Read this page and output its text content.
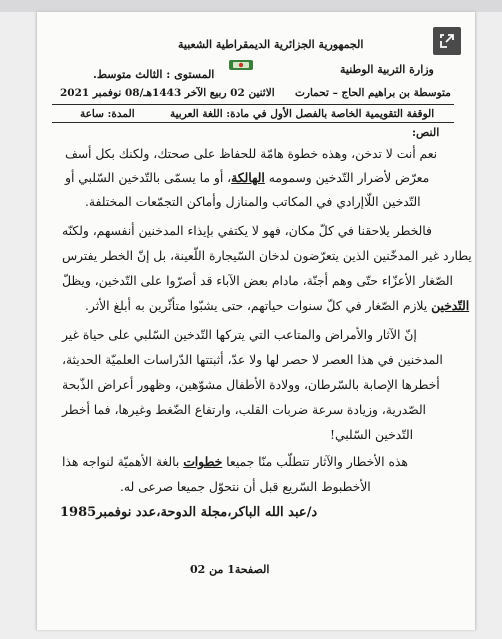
الجمهورية الجزائرية الديمقراطية الشعبية
وزارة التربية الوطنية
المستوى : الثالث متوسط.
متوسطة بن براهيم الحاج – تحمارت
الاثنين 02 ربيع الآخر 1443هـ/08 نوفمبر 2021
الوقفة التقويمية الخاصة بالفصل الأول في مادة: اللغة العربية
المدة: ساعة
النص:
نعم أنت لا تدخن، وهذه خطوة هامّة للحفاظ على صحتك، ولكنك بكل أسف
معرّض لأضرار التّدخين وسمومه الهالكة، أو ما يسمّى بالتّدخين السّلبي أو
التّدخين اللّاإرادي في المكاتب والمنازل وأماكن التجمّعات المختلفة.
فالخطر يلاحقنا في كلّ مكان، فهو لا يكتفي بإيذاء المدخنين أنفسهم، ولكنّه
يطارد غير المدخّنين الذين يتعرّضون لدخان السّيجارة اللّعينة، بل إنّ الخطر يفترس
الصّغار الأعزّاء حتّى وهم أجنّة، مادام بعض الآباء قد أصرّوا على التّدخين، ويظلّ
التّدخين يلازم الصّغار في كلّ سنوات حياتهم، حتى يشبّوا متأثّرين به أبلغ الأثر.
إنّ الآثار والأمراض والمتاعب التي يتركها التّدخين السّلبي على حياة غير
المدخنين في هذا العصر لا حصر لها ولا عدّ، أثبتتها الدّراسات العلميّة الحديثة،
أخطرها الإصابة بالسّرطان، وولادة الأطفال مشوّهين، وظهور أعراض الذّبحة
الصّدرية، وزيادة سرعة ضربات القلب، وارتفاع الضّغط وغيرها، فما أخطر
التّدخين السّلبي!
هذه الأخطار والآثار تتطلّب منّا جميعا خطوات بالغة الأهميّة لنواجه هذا
الأخطبوط السّريع قبل أن نتحوّل جميعا صرعى له.
د/عبد الله الباكر،مجلة الدوحة،عدد نوفمبر1985
الصفحة1 من 02
